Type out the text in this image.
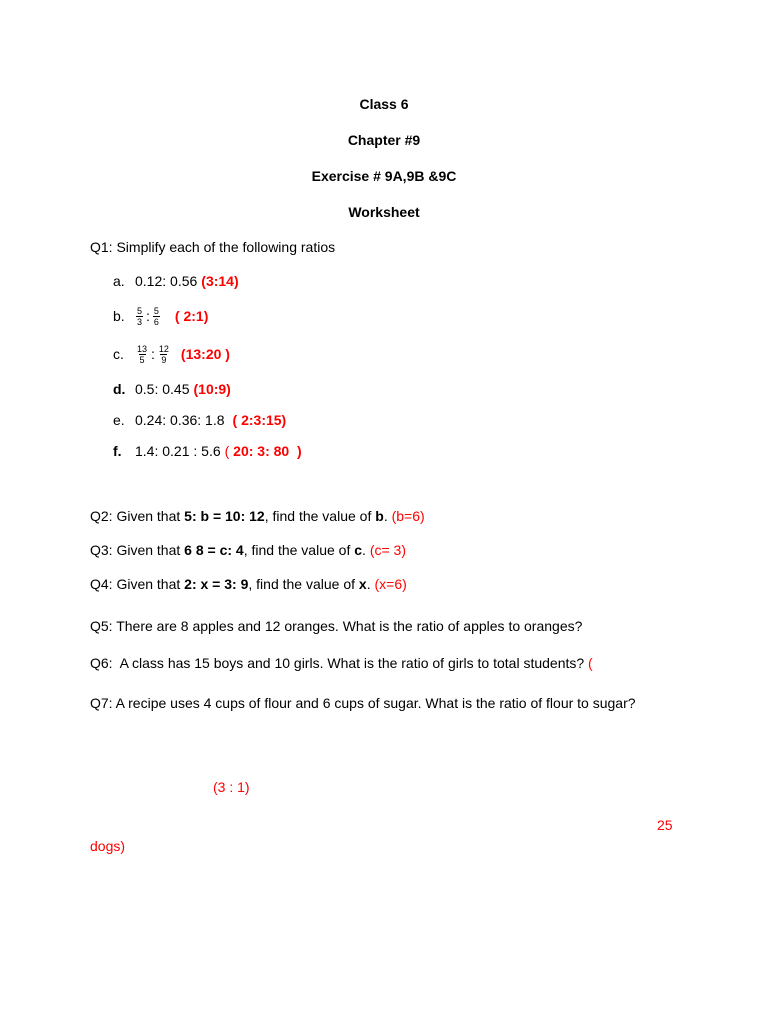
Class 6
Chapter #9
Exercise # 9A,9B &9C
Worksheet
Q1: Simplify each of the following ratios
a. 0.12: 0.56 (3:14)
b.	$\frac{5}{3}$ : $\frac{5}{6}$ ( 2:1)
c.	$\frac{13}{5}$ : $\frac{12}{9}$ (13:20 )
d. 0.5: 0.45 (10:9)
e. 0.24: 0.36: 1.8 ( 2:3:15)
f. 1.4: 0.21 : 5.6 ( 20: 3: 80  )
Q2: Given that 5: b = 10: 12 , find the value of b . (b=6)
Q3: Given that 6 8 = c: 4 , find the value of c . (c= 3)
Q4: Given that 2: x = 3: 9 , find the value of x . (x=6)
Q5: There are 8 apples and 12 oranges. What is the ratio of apples to oranges?
Q6:  A class has 15 boys and 10 girls. What is the ratio of girls to total students? (
Q7: A recipe uses 4 cups of flour and 6 cups of sugar. What is the ratio of flour to sugar?
(3 : 1)
25
dogs)
